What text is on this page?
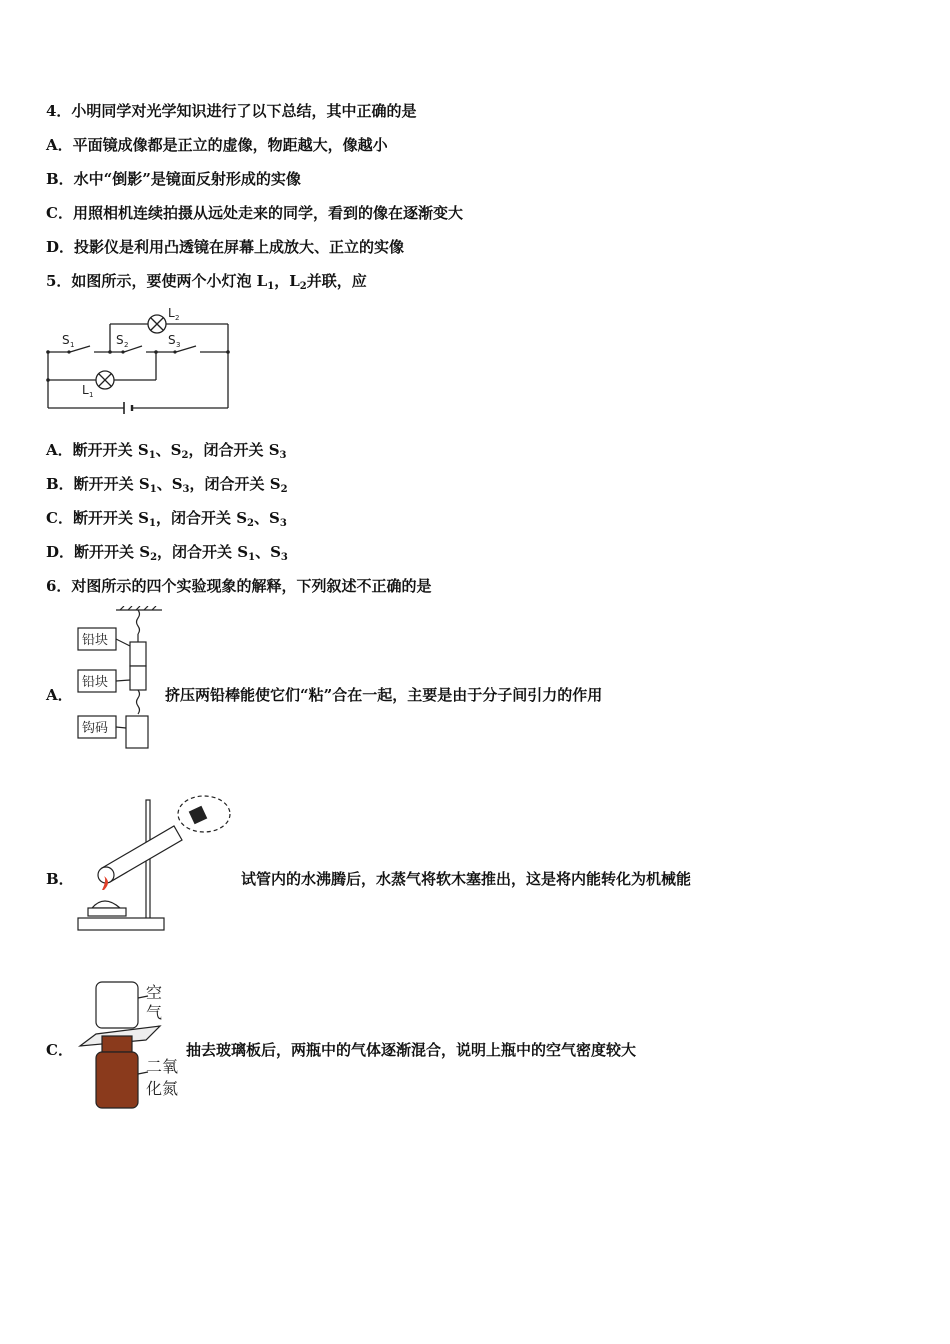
4．小明同学对光学知识进行了以下总结，其中正确的是
A．平面镜成像都是正立的虚像，物距越大，像越小
B．水中“倒影”是镜面反射形成的实像
C．用照相机连续拍摄从远处走来的同学，看到的像在逐渐变大
D．投影仪是利用凸透镜在屏幕上成放大、正立的实像
5．如图所示，要使两个小灯泡 $L_1$，$L_2$并联，应
S 1	S 2	S 3
L 2
L 1
A．断开开关 $S_1$、$S_2$，闭合开关 $S_3$
B．断开开关 $S_1$、$S_3$，闭合开关 $S_2$
C．断开开关 $S_1$，闭合开关 $S_2$、$S_3$
D．断开开关 $S_2$，闭合开关 $S_1$、$S_3$
6．对图所示的四个实验现象的解释，下列叙述不正确的是
A．
铅块
铅块
钩码
挤压两铅棒能使它们“粘”合在一起，主要是由于分子间引力的作用
B．	试管内的水沸腾后，水蒸气将软木塞推出，这是将内能转化为机械能
C．
空
气
二氧
化氮
抽去玻璃板后，两瓶中的气体逐渐混合，说明上瓶中的空气密度较大
